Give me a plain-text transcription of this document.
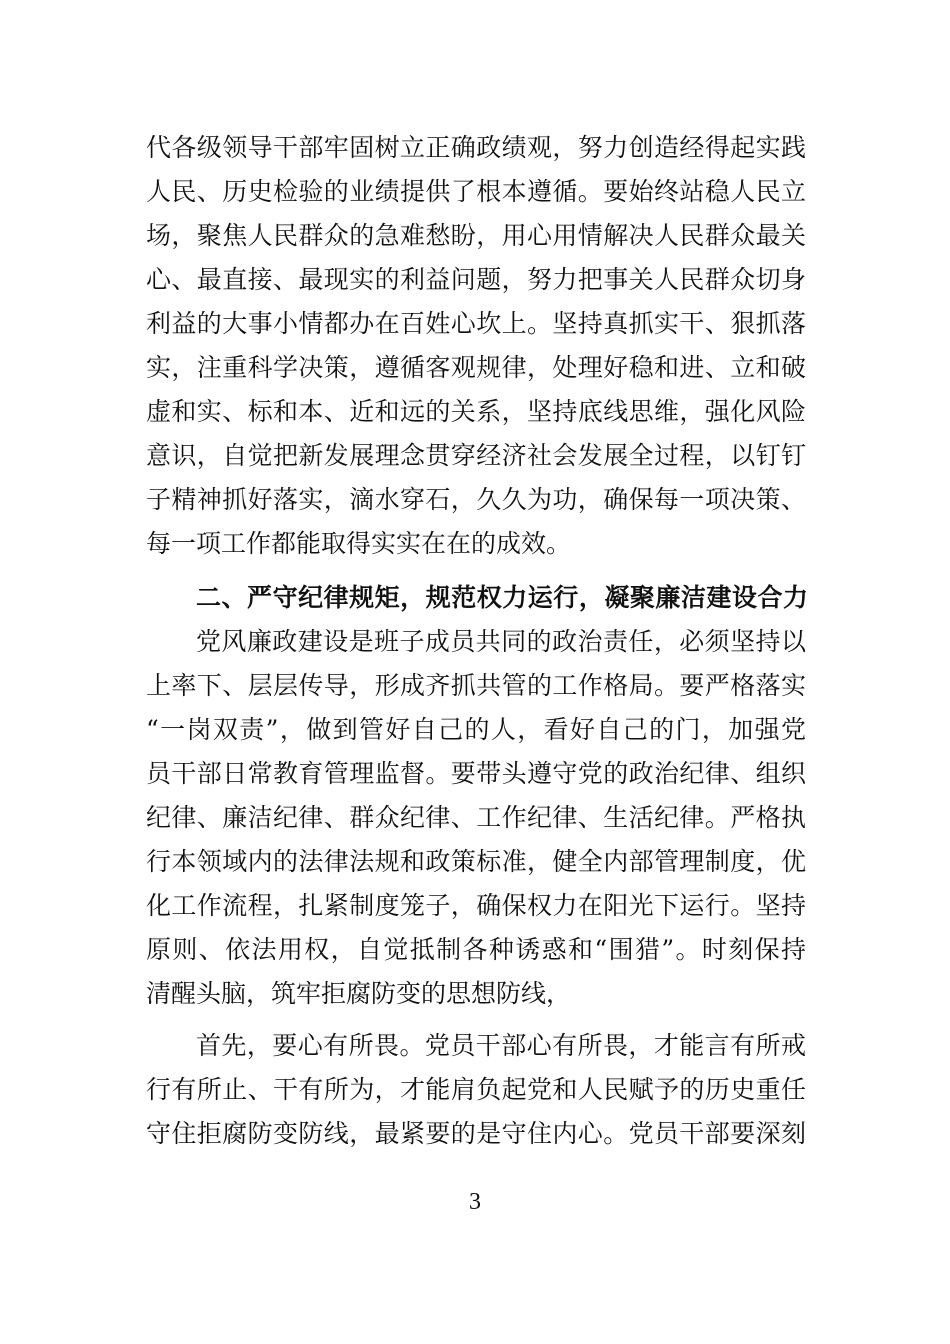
代各级领导干部牢固树立正确政绩观，努力创造经得起实践
人民、历史检验的业绩提供了根本遵循。要始终站稳人民立
场，聚焦人民群众的急难愁盼，用心用情解决人民群众最关
心、最直接、最现实的利益问题，努力把事关人民群众切身
利益的大事小情都办在百姓心坎上。坚持真抓实干、狠抓落
实，注重科学决策，遵循客观规律，处理好稳和进、立和破
虚和实、标和本、近和远的关系，坚持底线思维，强化风险
意识，自觉把新发展理念贯穿经济社会发展全过程，以钉钉
子精神抓好落实，滴水穿石，久久为功，确保每一项决策、
每一项工作都能取得实实在在的成效。
二、严守纪律规矩，规范权力运行，凝聚廉洁建设合力
党风廉政建设是班子成员共同的政治责任，必须坚持以
上率下、层层传导，形成齐抓共管的工作格局。要严格落实
“一岗双责”，做到管好自己的人，看好自己的门，加强党
员干部日常教育管理监督。要带头遵守党的政治纪律、组织
纪律、廉洁纪律、群众纪律、工作纪律、生活纪律。严格执
行本领域内的法律法规和政策标准，健全内部管理制度，优
化工作流程，扎紧制度笼子，确保权力在阳光下运行。坚持
原则、依法用权，自觉抵制各种诱惑和“围猎”。时刻保持
清醒头脑，筑牢拒腐防变的思想防线，
首先，要心有所畏。党员干部心有所畏，才能言有所戒
行有所止、干有所为，才能肩负起党和人民赋予的历史重任
守住拒腐防变防线，最紧要的是守住内心。党员干部要深刻
3
